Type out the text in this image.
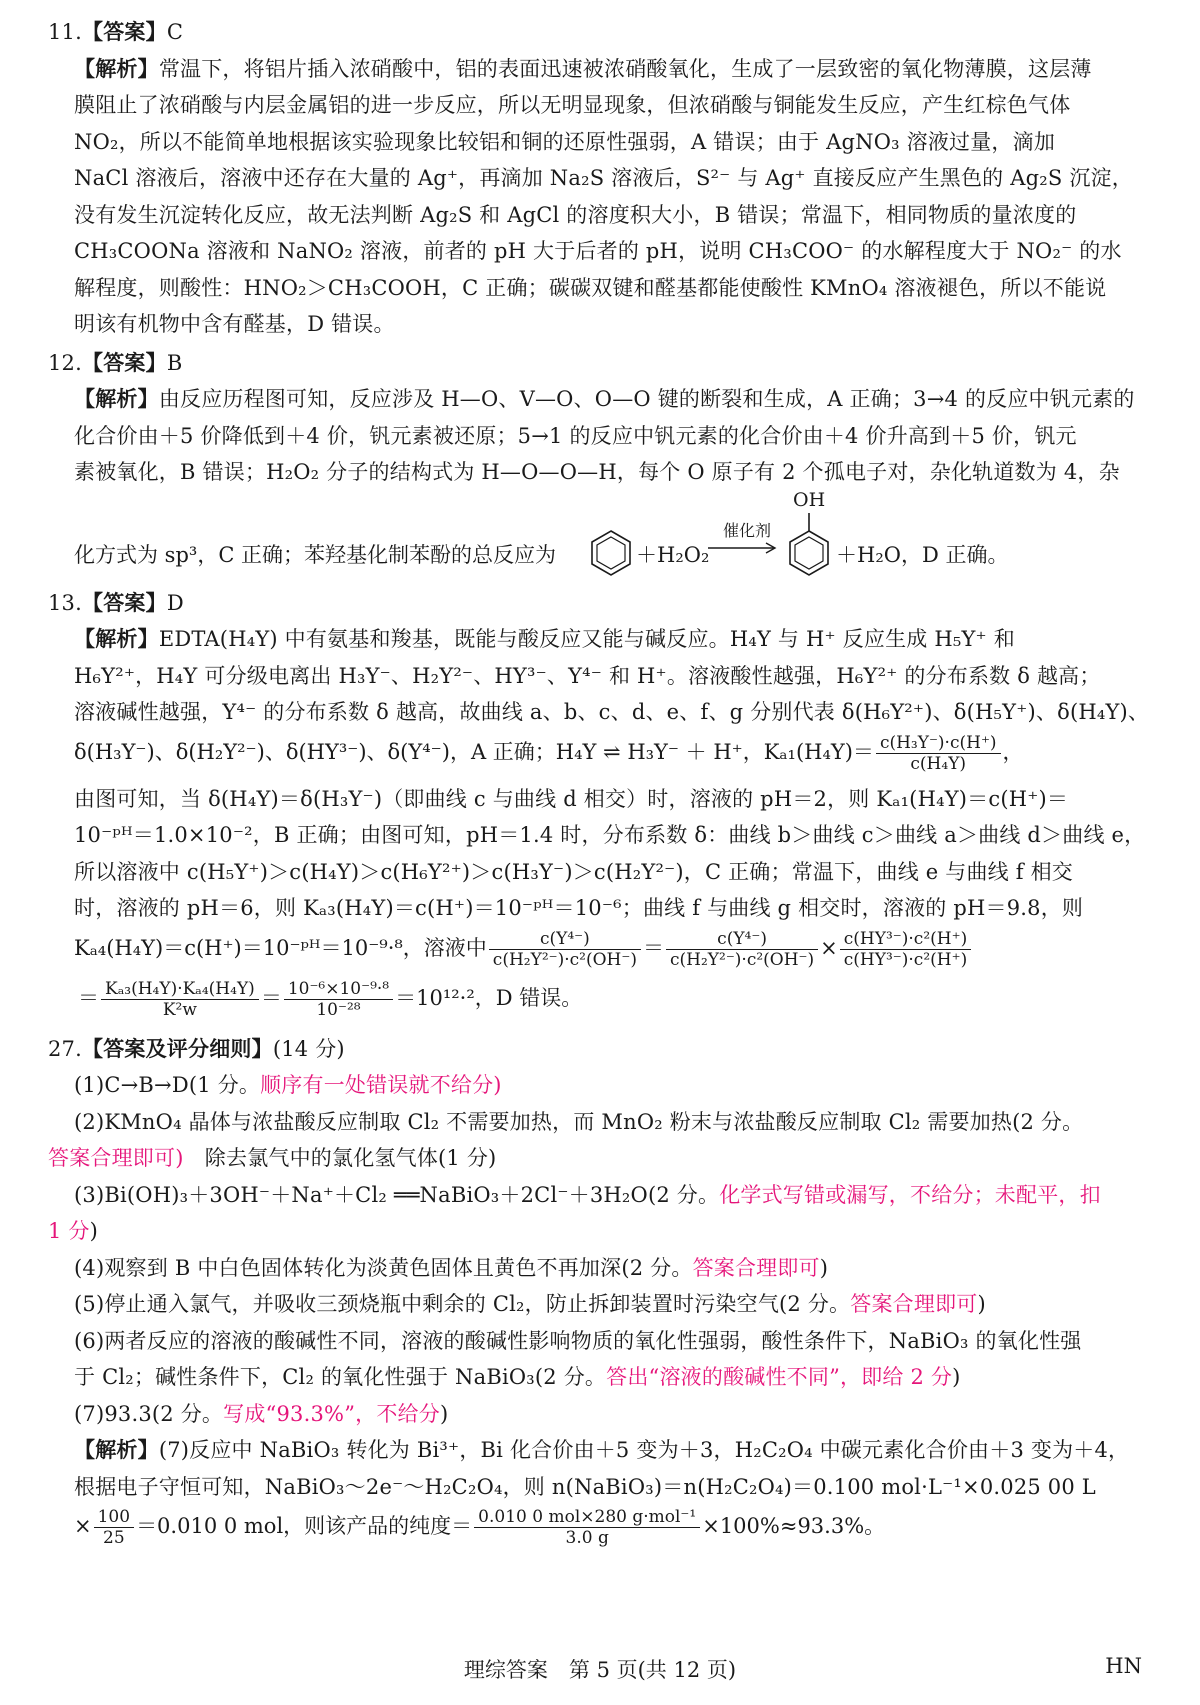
11.【答案】C
【解析】常温下，将铝片插入浓硝酸中，铝的表面迅速被浓硝酸氧化，生成了一层致密的氧化物薄膜，这层薄
膜阻止了浓硝酸与内层金属铝的进一步反应，所以无明显现象，但浓硝酸与铜能发生反应，产生红棕色气体
NO₂，所以不能简单地根据该实验现象比较铝和铜的还原性强弱，A 错误；由于 AgNO₃ 溶液过量，滴加
NaCl 溶液后，溶液中还存在大量的 Ag⁺，再滴加 Na₂S 溶液后，S²⁻ 与 Ag⁺ 直接反应产生黑色的 Ag₂S 沉淀，
没有发生沉淀转化反应，故无法判断 Ag₂S 和 AgCl 的溶度积大小，B 错误；常温下，相同物质的量浓度的
CH₃COONa 溶液和 NaNO₂ 溶液，前者的 pH 大于后者的 pH，说明 CH₃COO⁻ 的水解程度大于 NO₂⁻ 的水
解程度，则酸性：HNO₂＞CH₃COOH，C 正确；碳碳双键和醛基都能使酸性 KMnO₄ 溶液褪色，所以不能说
明该有机物中含有醛基，D 错误。
12.【答案】B
【解析】由反应历程图可知，反应涉及 H—O、V—O、O—O 键的断裂和生成，A 正确；3→4 的反应中钒元素的
化合价由＋5 价降低到＋4 价，钒元素被还原；5→1 的反应中钒元素的化合价由＋4 价升高到＋5 价，钒元
素被氧化，B 错误；H₂O₂ 分子的结构式为 H—O—O—H，每个 O 原子有 2 个孤电子对，杂化轨道数为 4，杂
化方式为 sp³，C 正确；苯羟基化制苯酚的总反应为	＋H₂O₂
催化剂
OH
＋H₂O，D 正确。
13.【答案】D
【解析】EDTA(H₄Y) 中有氨基和羧基，既能与酸反应又能与碱反应。H₄Y 与 H⁺ 反应生成 H₅Y⁺ 和
H₆Y²⁺，H₄Y 可分级电离出 H₃Y⁻、H₂Y²⁻、HY³⁻、Y⁴⁻ 和 H⁺。溶液酸性越强，H₆Y²⁺ 的分布系数 δ 越高；
溶液碱性越强，Y⁴⁻ 的分布系数 δ 越高，故曲线 a、b、c、d、e、f、g 分别代表 δ(H₆Y²⁺)、δ(H₅Y⁺)、δ(H₄Y)、
δ(H₃Y⁻)、δ(H₂Y²⁻)、δ(HY³⁻)、δ(Y⁴⁻)，A 正确；H₄Y ⇌ H₃Y⁻ ＋ H⁺，$K_{a1}(H_4Y)= \frac{\text{c(H₃Y⁻)·c(H⁺)}}{\text{c(H₄Y)}}$ ，
由图可知，当 δ(H₄Y)＝δ(H₃Y⁻)（即曲线 c 与曲线 d 相交）时，溶液的 pH＝2，则 Kₐ₁(H₄Y)＝c(H⁺)＝
10⁻ᵖᴴ＝1.0×10⁻²，B 正确；由图可知，pH＝1.4 时，分布系数 δ：曲线 b＞曲线 c＞曲线 a＞曲线 d＞曲线 e，
所以溶液中 c(H₅Y⁺)＞c(H₄Y)＞c(H₆Y²⁺)＞c(H₃Y⁻)＞c(H₂Y²⁻)，C 正确；常温下，曲线 e 与曲线 f 相交
时，溶液的 pH＝6，则 Kₐ₃(H₄Y)＝c(H⁺)＝10⁻ᵖᴴ＝10⁻⁶；曲线 f 与曲线 g 相交时，溶液的 pH＝9.8，则
Kₐ₄(H₄Y)＝c(H⁺)＝10⁻ᵖᴴ＝10⁻⁹·⁸，溶液中 $\frac{\text{c(Y⁴⁻)}}{\text{c(H₂Y²⁻)·c²(OH⁻)}} = \frac{\text{c(Y⁴⁻)}}{\text{c(H₂Y²⁻)·c²(OH⁻)}} \times \frac{\text{c(HY³⁻)·c²(H⁺)}}{\text{c(HY³⁻)·c²(H⁺)}}$
＝ $\frac{\text{Kₐ₃(H₄Y)·Kₐ₄(H₄Y)}}{\text{K²w}} = \frac{\text{10⁻⁶×10⁻⁹·⁸}}{\text{10⁻²⁸}} =10^{12}\cdot^2$，D 错误。
27.【答案及评分细则】(14 分)
(1)C→B→D(1 分。顺序有一处错误就不给分)
(2)KMnO₄ 晶体与浓盐酸反应制取 Cl₂ 不需要加热，而 MnO₂ 粉末与浓盐酸反应制取 Cl₂ 需要加热(2 分。
答案合理即可)　除去氯气中的氯化氢气体(1 分)
(3)Bi(OH)₃＋3OH⁻＋Na⁺＋Cl₂ ══NaBiO₃＋2Cl⁻＋3H₂O(2 分。化学式写错或漏写，不给分；未配平，扣
1 分)
(4)观察到 B 中白色固体转化为淡黄色固体且黄色不再加深(2 分。答案合理即可)
(5)停止通入氯气，并吸收三颈烧瓶中剩余的 Cl₂，防止拆卸装置时污染空气(2 分。答案合理即可)
(6)两者反应的溶液的酸碱性不同，溶液的酸碱性影响物质的氧化性强弱，酸性条件下，NaBiO₃ 的氧化性强
于 Cl₂；碱性条件下，Cl₂ 的氧化性强于 NaBiO₃(2 分。答出“溶液的酸碱性不同”，即给 2 分)
(7)93.3(2 分。写成“93.3%”，不给分)
【解析】(7)反应中 NaBiO₃ 转化为 Bi³⁺，Bi 化合价由＋5 变为＋3，H₂C₂O₄ 中碳元素化合价由＋3 变为＋4，
根据电子守恒可知，NaBiO₃～2e⁻～H₂C₂O₄，则 n(NaBiO₃)＝n(H₂C₂O₄)＝0.100 mol·L⁻¹×0.025 00 L
× $\frac{100}{25} =0.010$ 0 mol，则该产品的纯度＝ $\frac{\text{0.010 0 mol×280 g·mol⁻¹}}{3.0 g} \times 100\%\approx 93.3\%$。
理综答案　第 5 页(共 12 页)	HN
